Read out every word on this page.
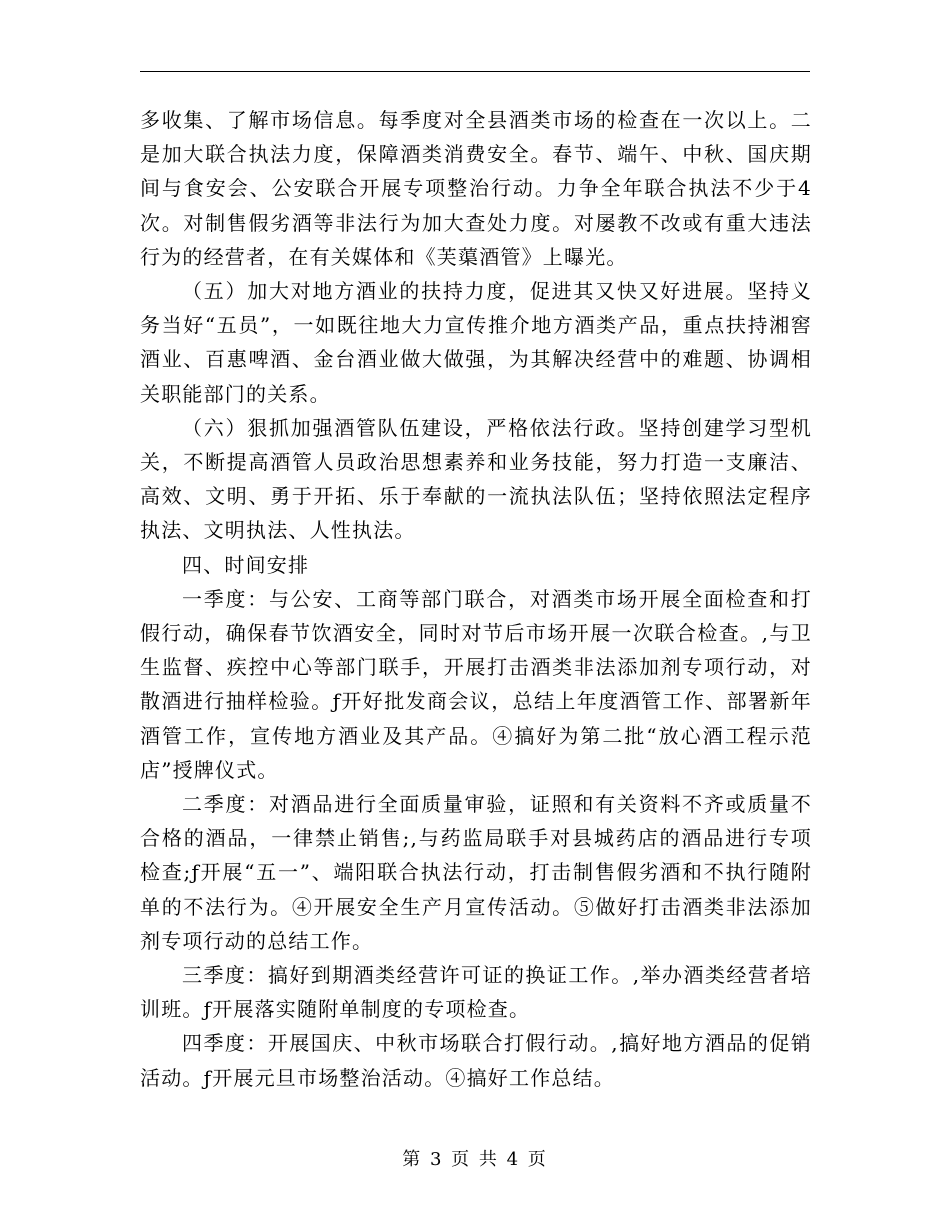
多收集、了解市场信息。每季度对全县酒类市场的检查在一次以上。二是加大联合执法力度，保障酒类消费安全。春节、端午、中秋、国庆期间与食安会、公安联合开展专项整治行动。力争全年联合执法不少于4次。对制售假劣酒等非法行为加大查处力度。对屡教不改或有重大违法行为的经营者，在有关媒体和《芙蕖酒管》上曝光。

（五）加大对地方酒业的扶持力度，促进其又快又好进展。坚持义务当好“五员”，一如既往地大力宣传推介地方酒类产品，重点扶持湘窖酒业、百惠啤酒、金台酒业做大做强，为其解决经营中的难题、协调相关职能部门的关系。

（六）狠抓加强酒管队伍建设，严格依法行政。坚持创建学习型机关，不断提高酒管人员政治思想素养和业务技能，努力打造一支廉洁、高效、文明、勇于开拓、乐于奉献的一流执法队伍；坚持依照法定程序执法、文明执法、人性执法。

四、时间安排

一季度：与公安、工商等部门联合，对酒类市场开展全面检查和打假行动，确保春节饮酒安全，同时对节后市场开展一次联合检查。,与卫生监督、疾控中心等部门联手，开展打击酒类非法添加剂专项行动，对散酒进行抽样检验。ƒ开好批发商会议，总结上年度酒管工作、部署新年酒管工作，宣传地方酒业及其产品。④搞好为第二批“放心酒工程示范店”授牌仪式。

二季度：对酒品进行全面质量审验，证照和有关资料不齐或质量不合格的酒品，一律禁止销售;,与药监局联手对县城药店的酒品进行专项检查;ƒ开展“五一”、端阳联合执法行动，打击制售假劣酒和不执行随附单的不法行为。④开展安全生产月宣传活动。⑤做好打击酒类非法添加剂专项行动的总结工作。

三季度：搞好到期酒类经营许可证的换证工作。,举办酒类经营者培训班。ƒ开展落实随附单制度的专项检查。

四季度：开展国庆、中秋市场联合打假行动。,搞好地方酒品的促销活动。ƒ开展元旦市场整治活动。④搞好工作总结。

第 3 页 共 4 页
